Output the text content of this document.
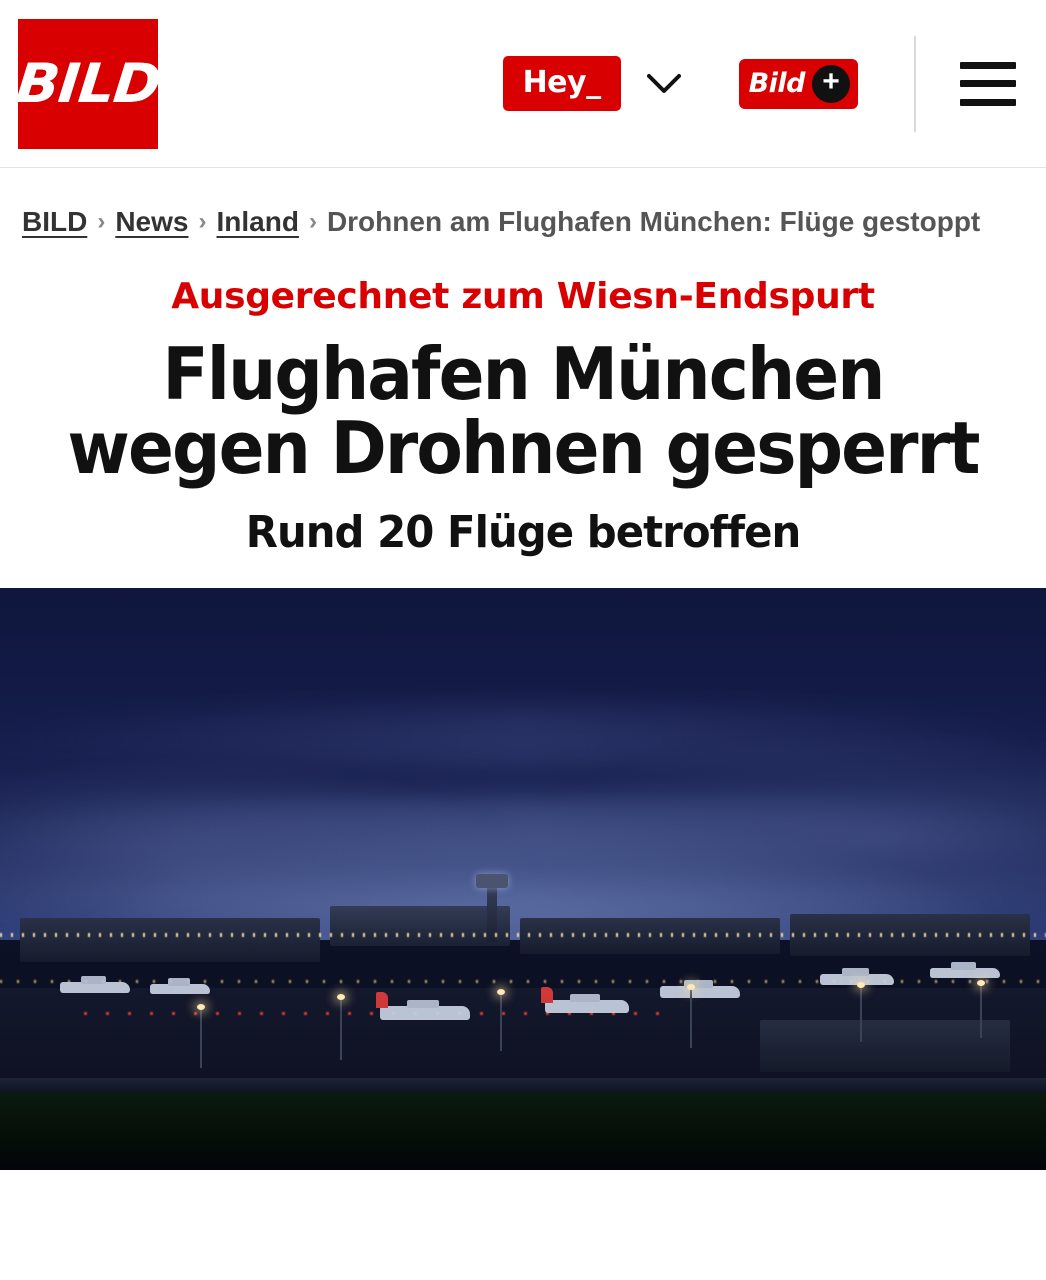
BILD	Hey_	Bild +
BILD › News › Inland › Drohnen am Flughafen München: Flüge gestoppt
Ausgerechnet zum Wiesn-Endspurt
Flughafen München wegen Drohnen gesperrt
Rund 20 Flüge betroffen
